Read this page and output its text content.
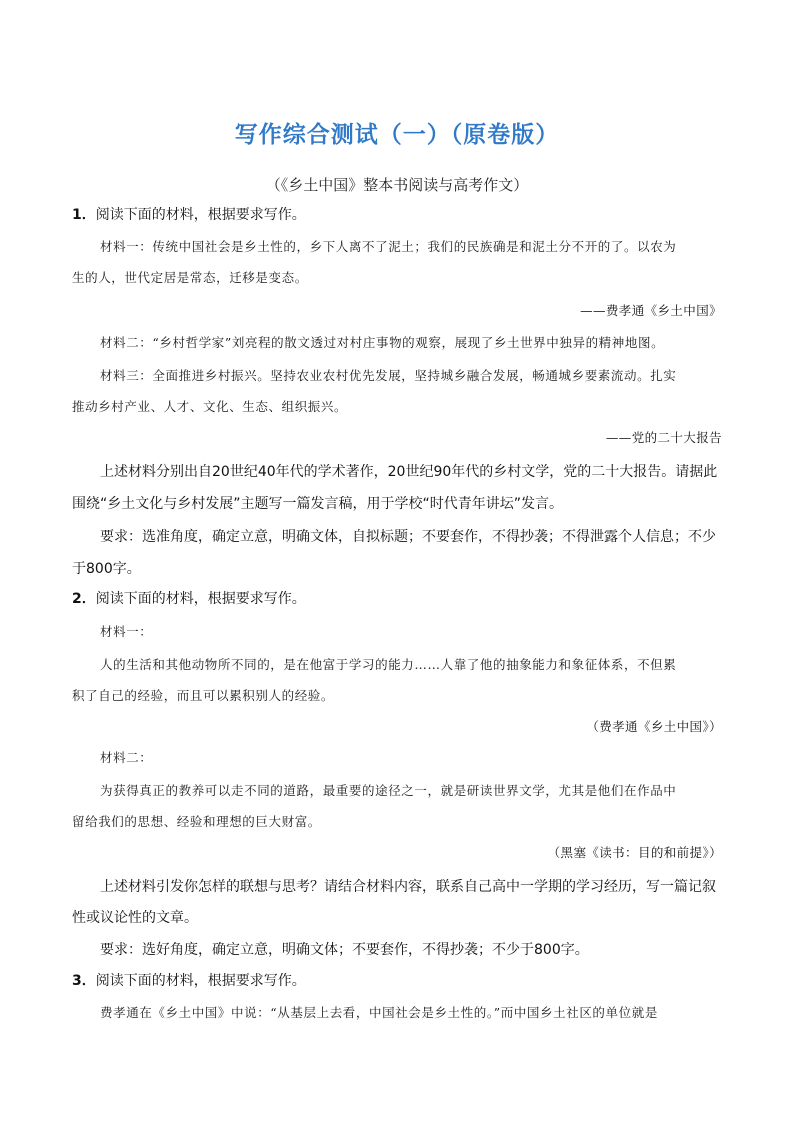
写作综合测试（一）（原卷版）
（《乡土中国》整本书阅读与高考作文）
1．阅读下面的材料，根据要求写作。
材料一：传统中国社会是乡土性的，乡下人离不了泥土；我们的民族确是和泥土分不开的了。以农为
生的人，世代定居是常态，迁移是变态。
——费孝通《乡土中国》
材料二：“乡村哲学家”刘亮程的散文透过对村庄事物的观察，展现了乡土世界中独异的精神地图。
材料三：全面推进乡村振兴。坚持农业农村优先发展，坚持城乡融合发展，畅通城乡要素流动。扎实
推动乡村产业、人才、文化、生态、组织振兴。
——党的二十大报告
上述材料分别出自20世纪40年代的学术著作，20世纪90年代的乡村文学，党的二十大报告。请据此
围绕“乡土文化与乡村发展”主题写一篇发言稿，用于学校“时代青年讲坛”发言。
要求：选准角度，确定立意，明确文体，自拟标题；不要套作，不得抄袭；不得泄露个人信息；不少
于800字。
2．阅读下面的材料，根据要求写作。
材料一：
人的生活和其他动物所不同的，是在他富于学习的能力……人靠了他的抽象能力和象征体系，不但累
积了自己的经验，而且可以累积别人的经验。
（费孝通《乡土中国》）
材料二：
为获得真正的教养可以走不同的道路，最重要的途径之一，就是研读世界文学，尤其是他们在作品中
留给我们的思想、经验和理想的巨大财富。
（黑塞《读书：目的和前提》）
上述材料引发你怎样的联想与思考？请结合材料内容，联系自己高中一学期的学习经历，写一篇记叙
性或议论性的文章。
要求：选好角度，确定立意，明确文体；不要套作，不得抄袭；不少于800字。
3．阅读下面的材料，根据要求写作。
费孝通在《乡土中国》中说：“从基层上去看，中国社会是乡土性的。”而中国乡土社区的单位就是
